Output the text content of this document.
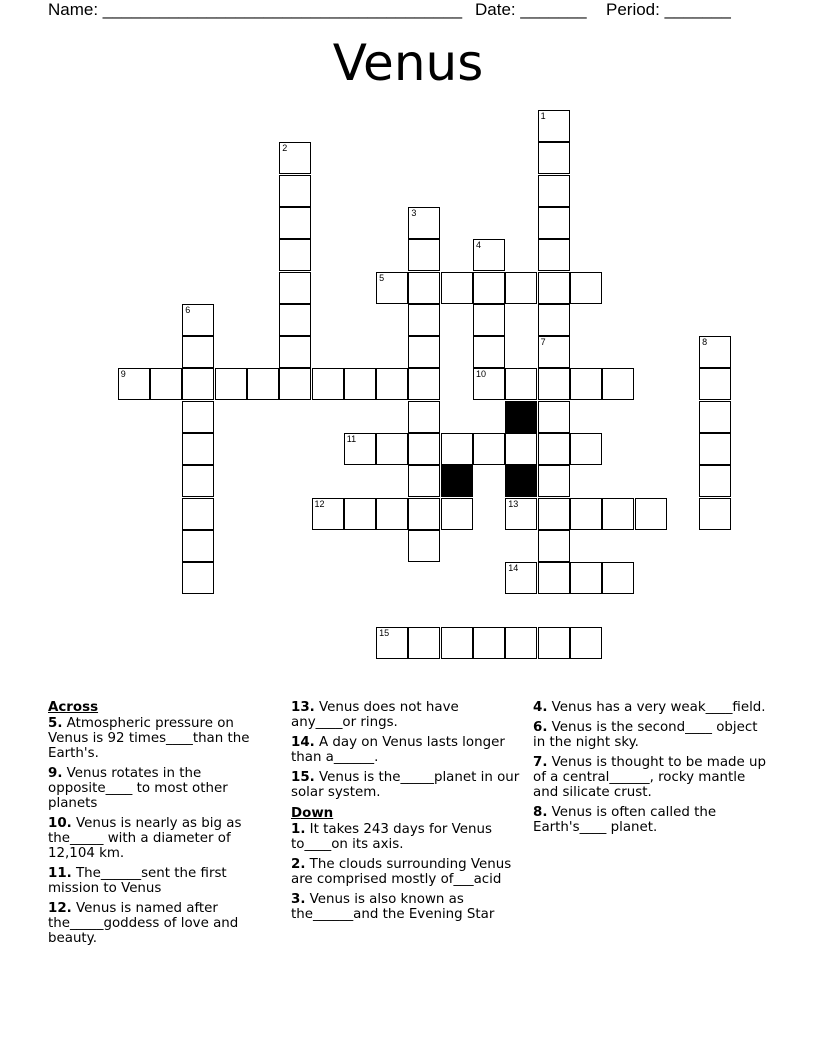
Name: ______________________________________ Date: _______ Period: _______
Venus
1
2
3
4
5
6
7	8
9	10
11
12	13
14
15
Across
5. Atmospheric pressure on Venus is 92 times____than the Earth's.
9. Venus rotates in the opposite____ to most other planets
10. Venus is nearly as big as the_____ with a diameter of 12,104 km.
11. The______sent the first mission to Venus
12. Venus is named after the_____goddess of love and beauty.
13. Venus does not have any____or rings.
14. A day on Venus lasts longer than a______.
15. Venus is the_____planet in our solar system.
Down
1. It takes 243 days for Venus to____on its axis.
2. The clouds surrounding Venus are comprised mostly of___acid
3. Venus is also known as the______and the Evening Star
4. Venus has a very weak____field.
6. Venus is the second____ object in the night sky.
7. Venus is thought to be made up of a central______, rocky mantle and silicate crust.
8. Venus is often called the Earth's____ planet.
